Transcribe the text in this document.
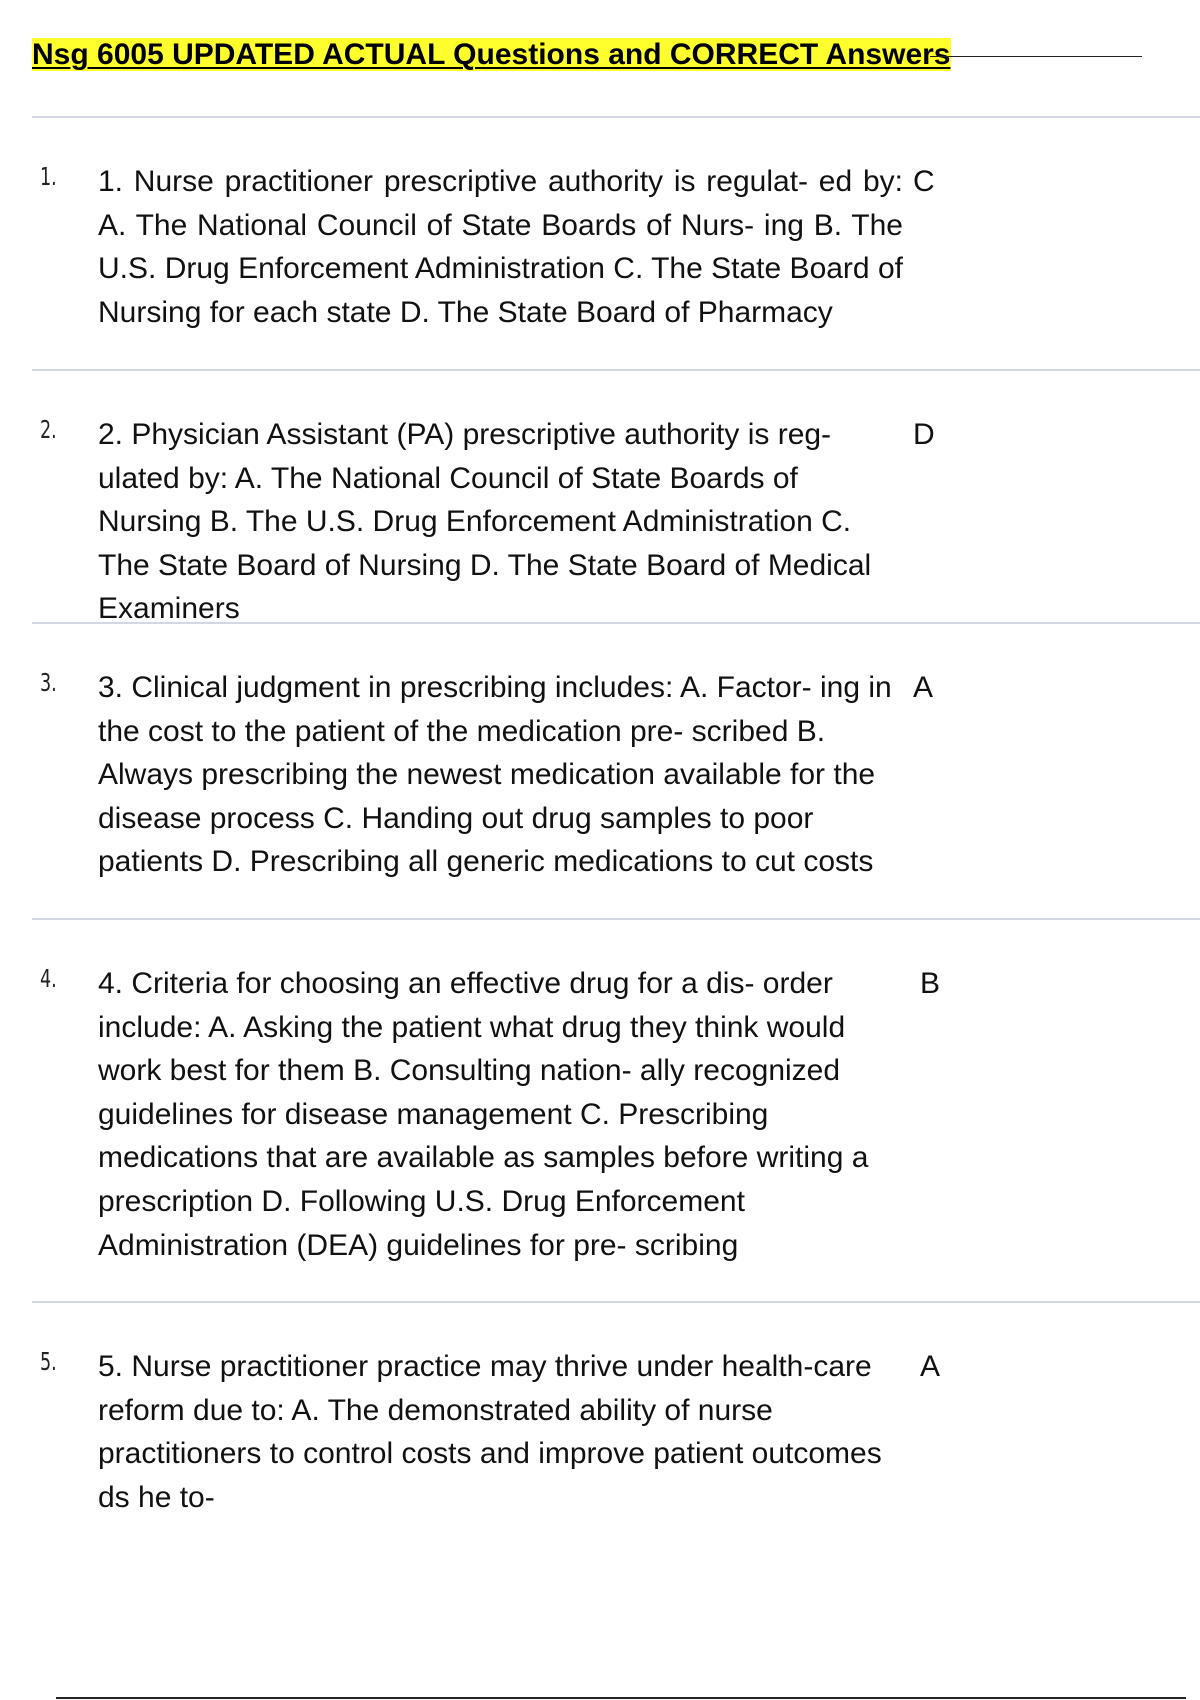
Nsg 6005 UPDATED ACTUAL Questions and CORRECT Answers
1. 1. Nurse practitioner prescriptive authority is regulat- ed by: A. The National Council of State Boards of Nurs- ing B. The U.S. Drug Enforcement Administration C. The State Board of Nursing for each state D. The State Board of Pharmacy
C
2. 2. Physician Assistant (PA) prescriptive authority is reg- ulated by: A. The National Council of State Boards of Nursing B. The U.S. Drug Enforcement Administration C. The State Board of Nursing D. The State Board of Medical Examiners
D
3. 3. Clinical judgment in prescribing includes: A. Factor- ing in the cost to the patient of the medication pre- scribed B. Always prescribing the newest medication available for the disease process C. Handing out drug samples to poor patients D. Prescribing all generic medications to cut costs
A
4. 4. Criteria for choosing an effective drug for a dis- order include: A. Asking the patient what drug they think would work best for them B. Consulting nation- ally recognized guidelines for disease management C. Prescribing medications that are available as samples before writing a prescription D. Following U.S. Drug Enforcement Administration (DEA) guidelines for pre- scribing
B
5. 5. Nurse practitioner practice may thrive under health-care reform due to: A. The demonstrated ability of nurse practitioners to control costs and improve patient outcomes ds he to-
A
